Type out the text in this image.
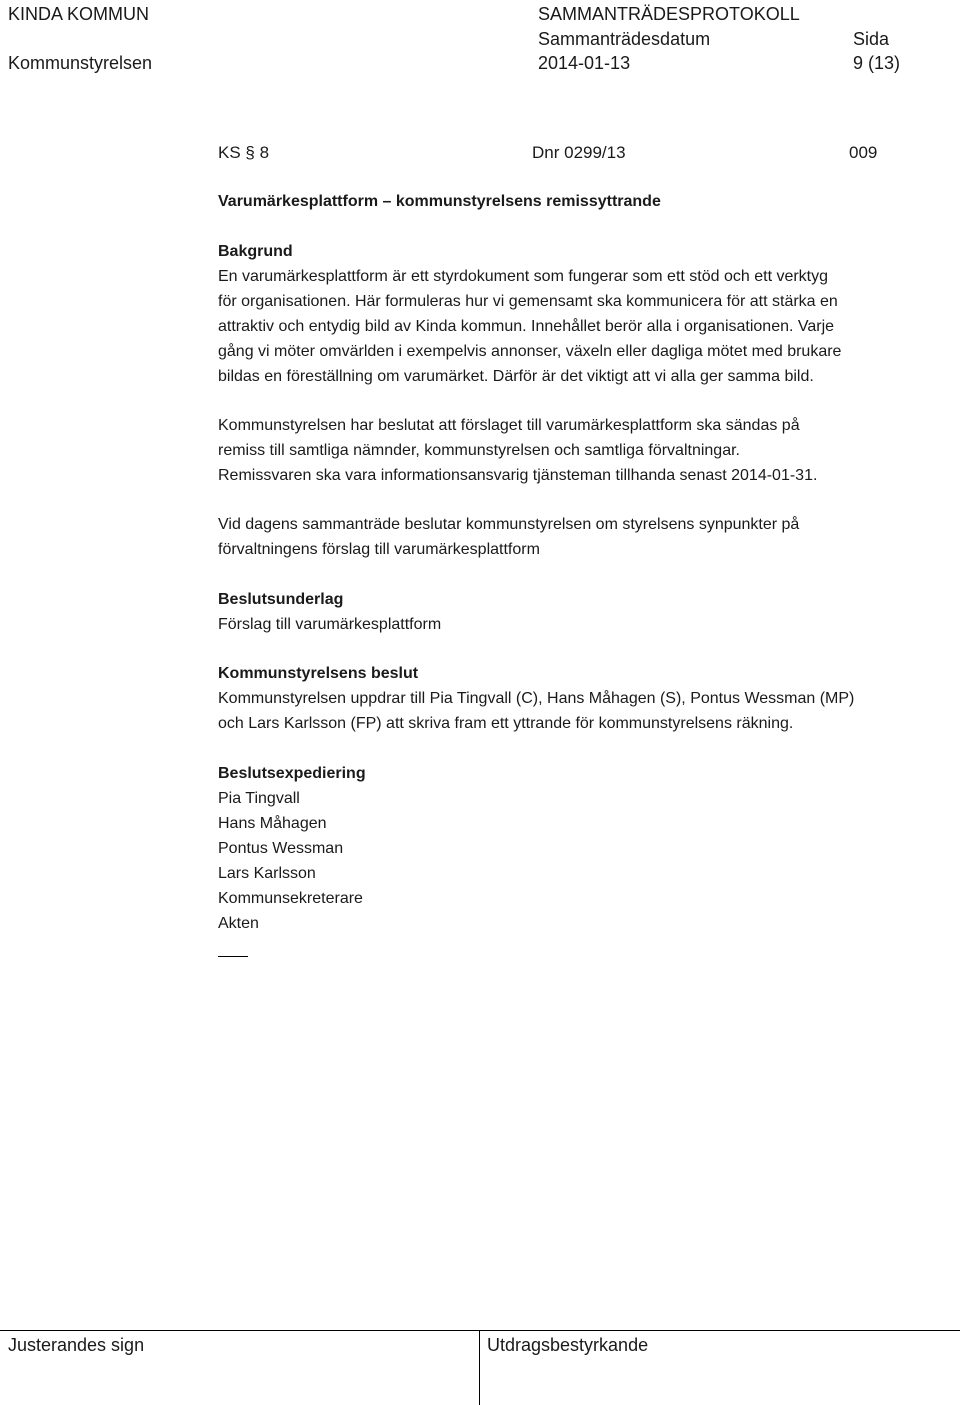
KINDA KOMMUN
Kommunstyrelsen
SAMMANTRÄDESPROTOKOLL
Sammanträdesdatum
2014-01-13
Sida
9 (13)
KS § 8	Dnr 0299/13	009
Varumärkesplattform – kommunstyrelsens remissyttrande
Bakgrund
En varumärkesplattform är ett styrdokument som fungerar som ett stöd och ett verktyg
för organisationen. Här formuleras hur vi gemensamt ska kommunicera för att stärka en
attraktiv och entydig bild av Kinda kommun. Innehållet berör alla i organisationen. Varje
gång vi möter omvärlden i exempelvis annonser, växeln eller dagliga mötet med brukare
bildas en föreställning om varumärket. Därför är det viktigt att vi alla ger samma bild.
Kommunstyrelsen har beslutat att förslaget till varumärkesplattform ska sändas på
remiss till samtliga nämnder, kommunstyrelsen och samtliga förvaltningar.
Remissvaren ska vara informationsansvarig tjänsteman tillhanda senast 2014-01-31.
Vid dagens sammanträde beslutar kommunstyrelsen om styrelsens synpunkter på
förvaltningens förslag till varumärkesplattform
Beslutsunderlag
Förslag till varumärkesplattform
Kommunstyrelsens beslut
Kommunstyrelsen uppdrar till Pia Tingvall (C), Hans Måhagen (S), Pontus Wessman (MP)
och Lars Karlsson (FP) att skriva fram ett yttrande för kommunstyrelsens räkning.
Beslutsexpediering
Pia Tingvall
Hans Måhagen
Pontus Wessman
Lars Karlsson
Kommunsekreterare
Akten
Justerandes sign	Utdragsbestyrkande
